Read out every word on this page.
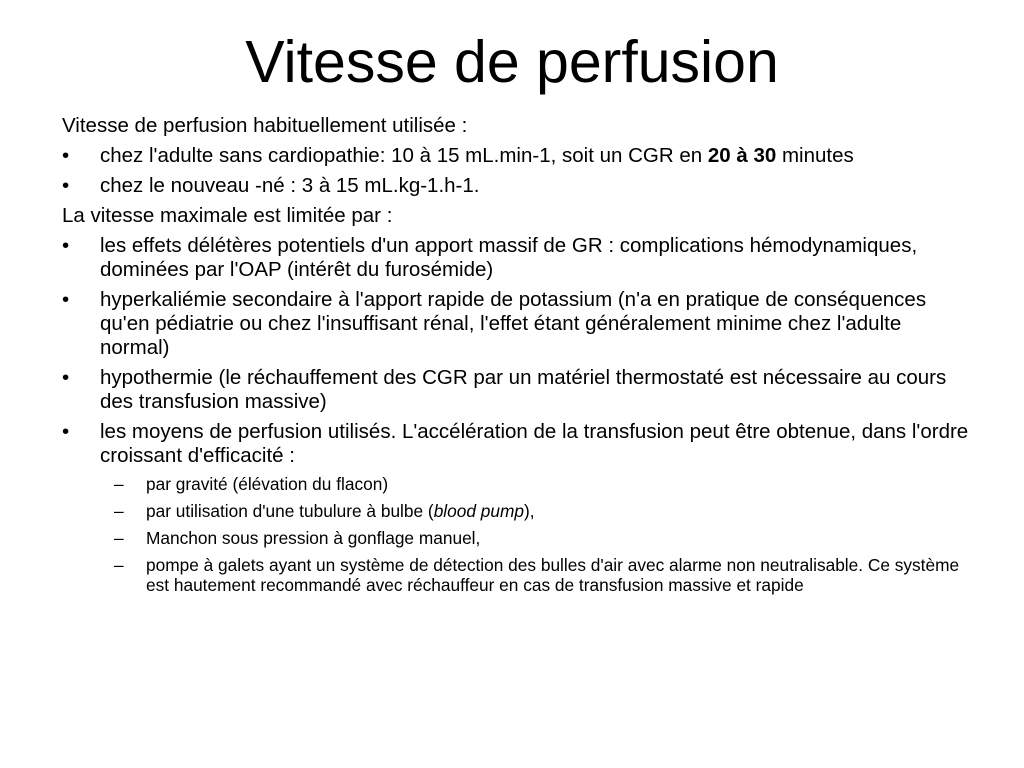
Vitesse de perfusion

Vitesse de perfusion habituellement utilisée :

•	chez l'adulte sans cardiopathie: 10 à 15 mL.min-1, soit un CGR en 20 à 30 minutes
•	chez le nouveau -né : 3 à 15 mL.kg-1.h-1.

La vitesse maximale est limitée par :

•	les effets délétères potentiels d'un apport massif de GR : complications hémodynamiques, dominées par l'OAP (intérêt du furosémide)
•	hyperkaliémie secondaire à l'apport rapide de potassium (n'a en pratique de conséquences qu'en pédiatrie ou chez l'insuffisant rénal, l'effet étant généralement minime chez l'adulte normal)
•	hypothermie (le réchauffement des CGR par un matériel thermostaté est nécessaire au cours des transfusion massive)
•	les moyens de perfusion utilisés. L'accélération de la transfusion peut être obtenue, dans l'ordre croissant d'efficacité :
–	par gravité (élévation du flacon)
–	par utilisation d'une tubulure à bulbe (blood pump),
–	Manchon sous pression à gonflage manuel,
–	pompe à galets ayant un système de détection des bulles d'air avec alarme non neutralisable. Ce système est hautement recommandé avec réchauffeur en cas de transfusion massive et rapide
